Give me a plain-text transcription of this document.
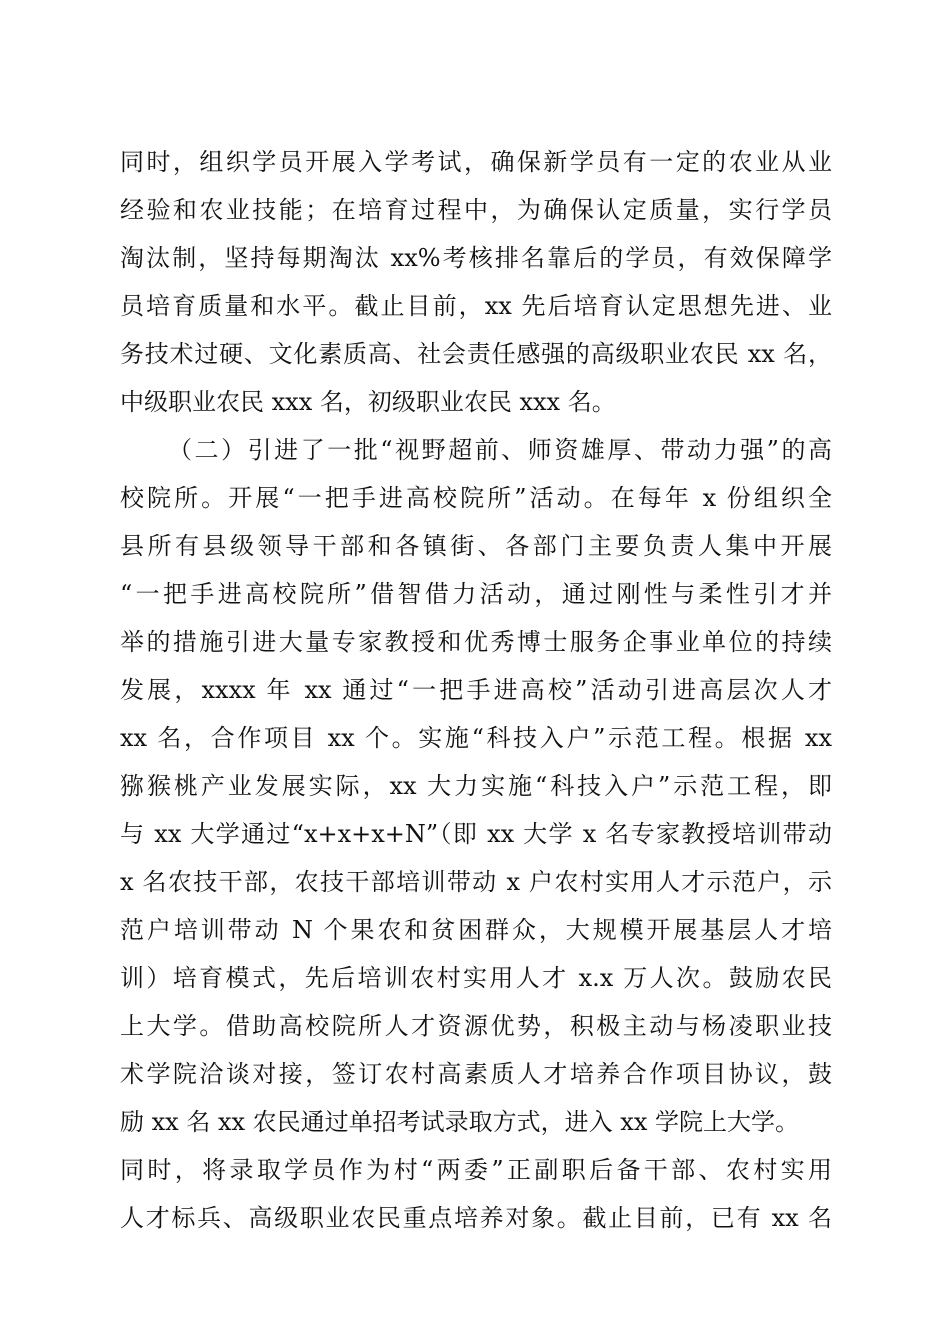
同时，组织学员开展入学考试，确保新学员有一定的农业从业
经验和农业技能；在培育过程中，为确保认定质量，实行学员
淘汰制，坚持每期淘汰 xx%考核排名靠后的学员，有效保障学
员培育质量和水平。截止目前，xx 先后培育认定思想先进、业
务技术过硬、文化素质高、社会责任感强的高级职业农民 xx 名，
中级职业农民 xxx 名，初级职业农民 xxx 名。
（二）引进了一批“视野超前、师资雄厚、带动力强”的高
校院所。开展“一把手进高校院所”活动。在每年 x 份组织全
县所有县级领导干部和各镇街、各部门主要负责人集中开展
“一把手进高校院所”借智借力活动，通过刚性与柔性引才并
举的措施引进大量专家教授和优秀博士服务企事业单位的持续
发展，xxxx 年 xx 通过“一把手进高校”活动引进高层次人才
xx 名，合作项目 xx 个。实施“科技入户”示范工程。根据 xx
猕猴桃产业发展实际，xx 大力实施“科技入户”示范工程，即
与 xx 大学通过“x+x+x+N”（即 xx 大学 x 名专家教授培训带动
x 名农技干部，农技干部培训带动 x 户农村实用人才示范户，示
范户培训带动 N 个果农和贫困群众，大规模开展基层人才培
训）培育模式，先后培训农村实用人才 x.x 万人次。鼓励农民
上大学。借助高校院所人才资源优势，积极主动与杨凌职业技
术学院洽谈对接，签订农村高素质人才培养合作项目协议，鼓
励 xx 名 xx 农民通过单招考试录取方式，进入 xx 学院上大学。
同时，将录取学员作为村“两委”正副职后备干部、农村实用
人才标兵、高级职业农民重点培养对象。截止目前，已有 xx 名
